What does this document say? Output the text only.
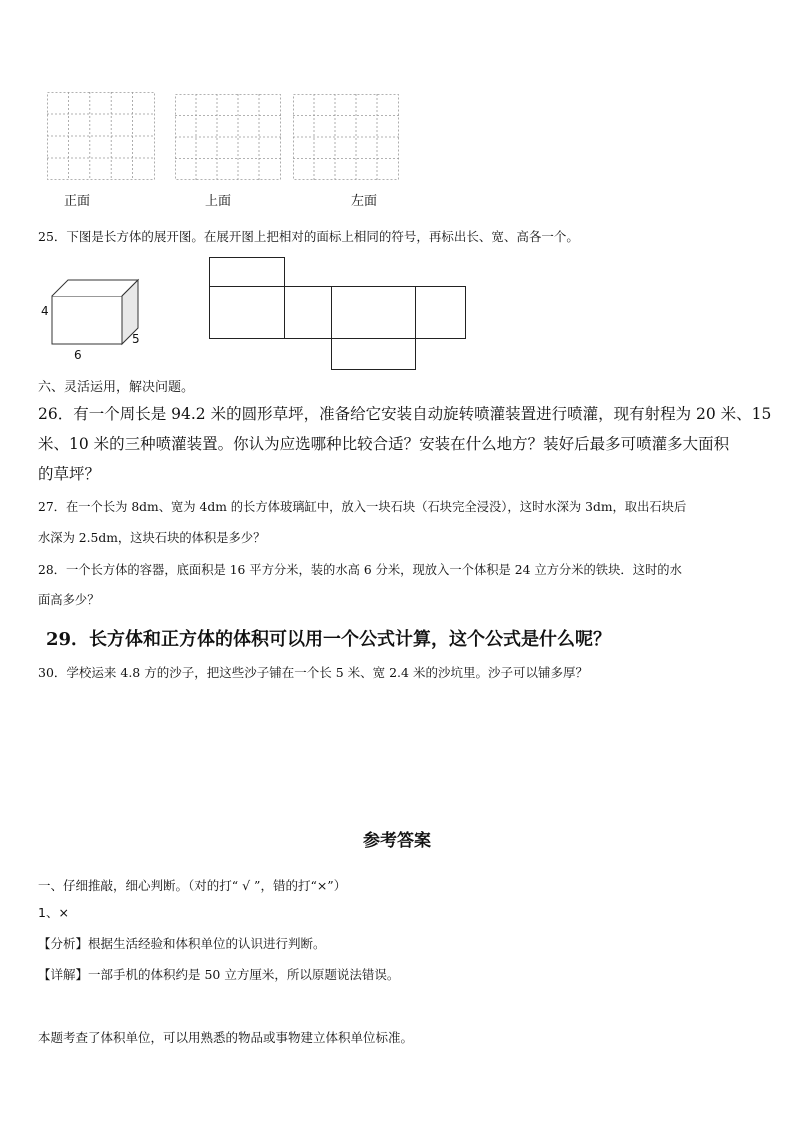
正面	上面	左面
25．下图是长方体的展开图。在展开图上把相对的面标上相同的符号，再标出长、宽、高各一个。
4
6
5
六、灵活运用，解决问题。
26．有一个周长是 94.2 米的圆形草坪，准备给它安装自动旋转喷灌装置进行喷灌，现有射程为 20 米、15
米、10 米的三种喷灌装置。你认为应选哪种比较合适？安装在什么地方？装好后最多可喷灌多大面积
的草坪？
27．在一个长为 8dm、宽为 4dm 的长方体玻璃缸中，放入一块石块（石块完全浸没），这时水深为 3dm，取出石块后
水深为 2.5dm，这块石块的体积是多少？
28．一个长方体的容器，底面积是 16 平方分米，装的水高 6 分米，现放入一个体积是 24 立方分米的铁块．这时的水
面高多少？
29．长方体和正方体的体积可以用一个公式计算，这个公式是什么呢？
30．学校运来 4.8 方的沙子，把这些沙子铺在一个长 5 米、宽 2.4 米的沙坑里。沙子可以铺多厚？
参考答案
一、仔细推敲，细心判断。（对的打“ √ ”，错的打“×”）
1、×
【分析】根据生活经验和体积单位的认识进行判断。
【详解】一部手机的体积约是 50 立方厘米，所以原题说法错误。
本题考查了体积单位，可以用熟悉的物品或事物建立体积单位标准。
